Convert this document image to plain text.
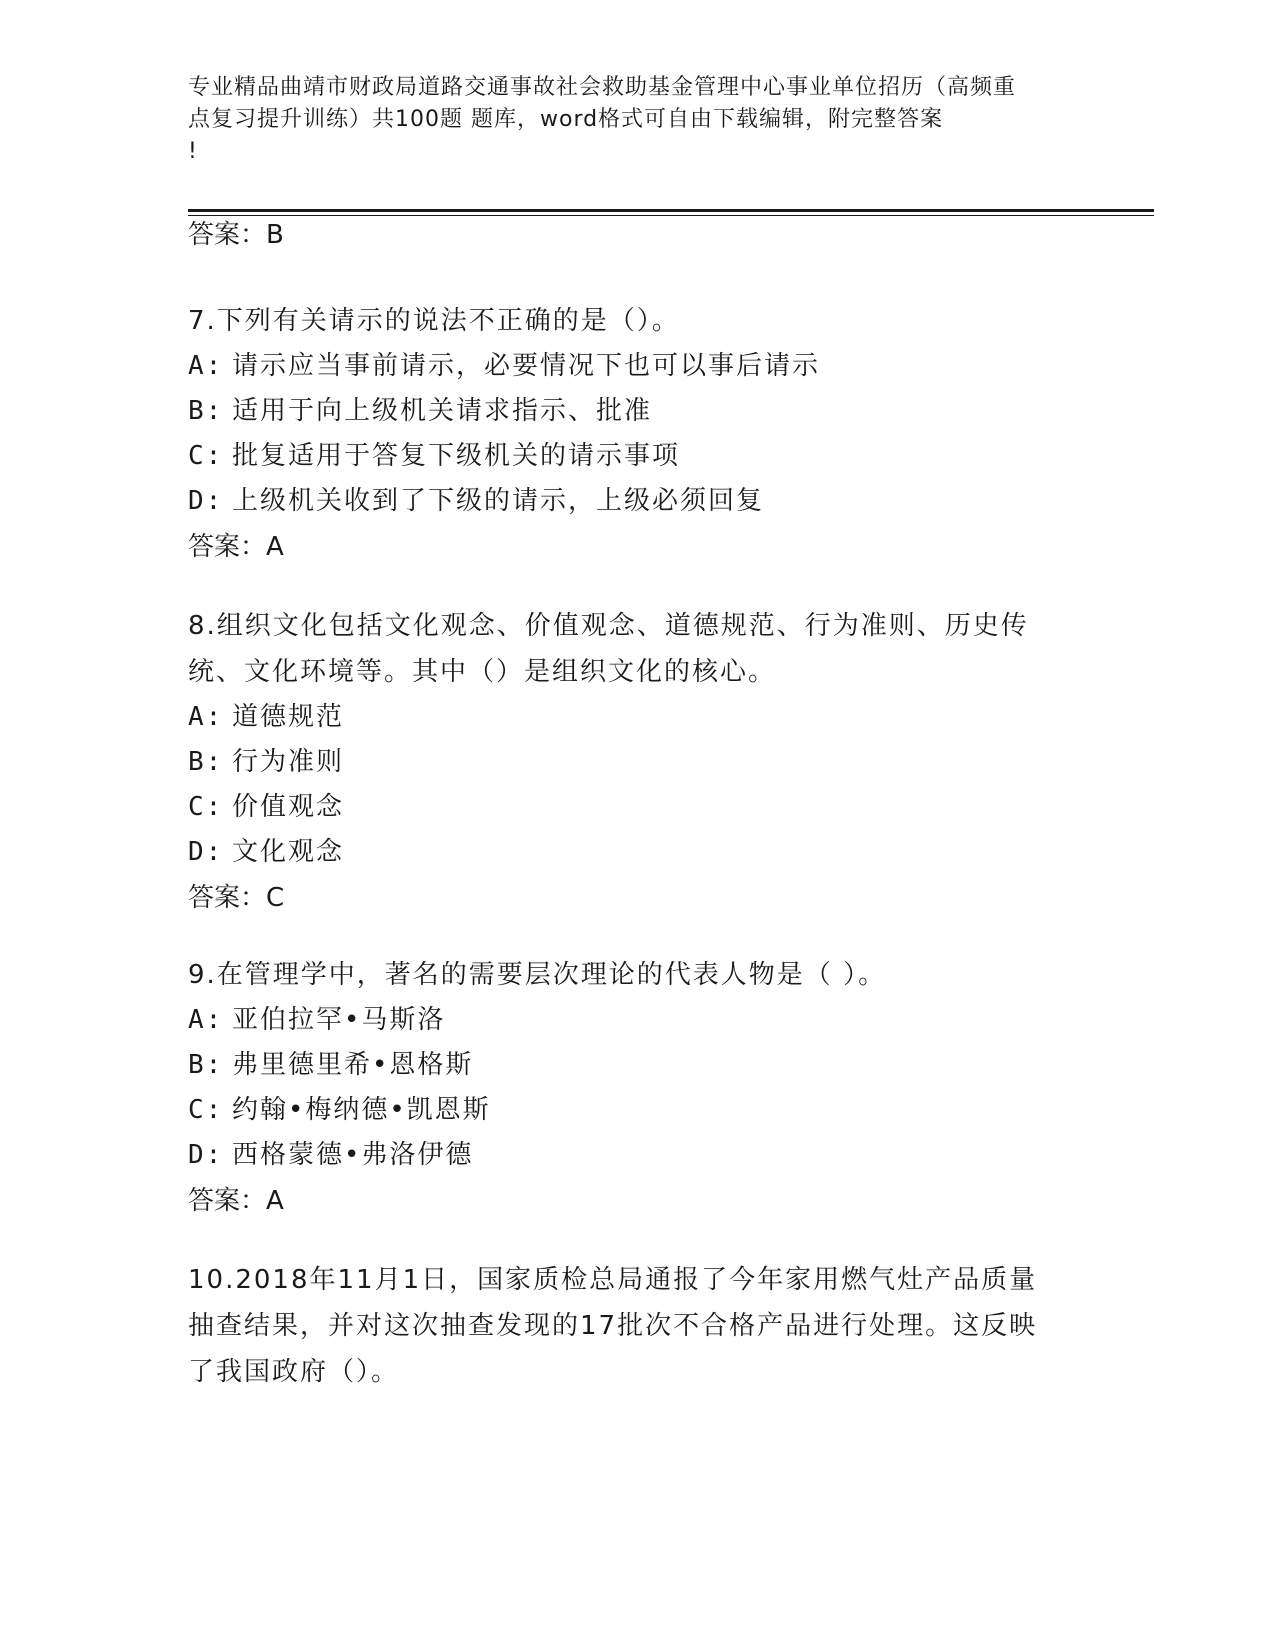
专业精品曲靖市财政局道路交通事故社会救助基金管理中心事业单位招历（高频重
点复习提升训练）共100题 题库，word格式可自由下载编辑，附完整答案
!
答案：B
7.下列有关请示的说法不正确的是（）。
A: 请示应当事前请示，必要情况下也可以事后请示
B: 适用于向上级机关请求指示、批准
C: 批复适用于答复下级机关的请示事项
D: 上级机关收到了下级的请示，上级必须回复
答案：A
8.组织文化包括文化观念、价值观念、道德规范、行为准则、历史传
统、文化环境等。其中（）是组织文化的核心。
A: 道德规范
B: 行为准则
C: 价值观念
D: 文化观念
答案：C
9.在管理学中，著名的需要层次理论的代表人物是（ ）。
A: 亚伯拉罕•马斯洛
B: 弗里德里希•恩格斯
C: 约翰•梅纳德•凯恩斯
D: 西格蒙德•弗洛伊德
答案：A
10.2018年11月1日，国家质检总局通报了今年家用燃气灶产品质量
抽查结果，并对这次抽查发现的17批次不合格产品进行处理。这反映
了我国政府（）。
